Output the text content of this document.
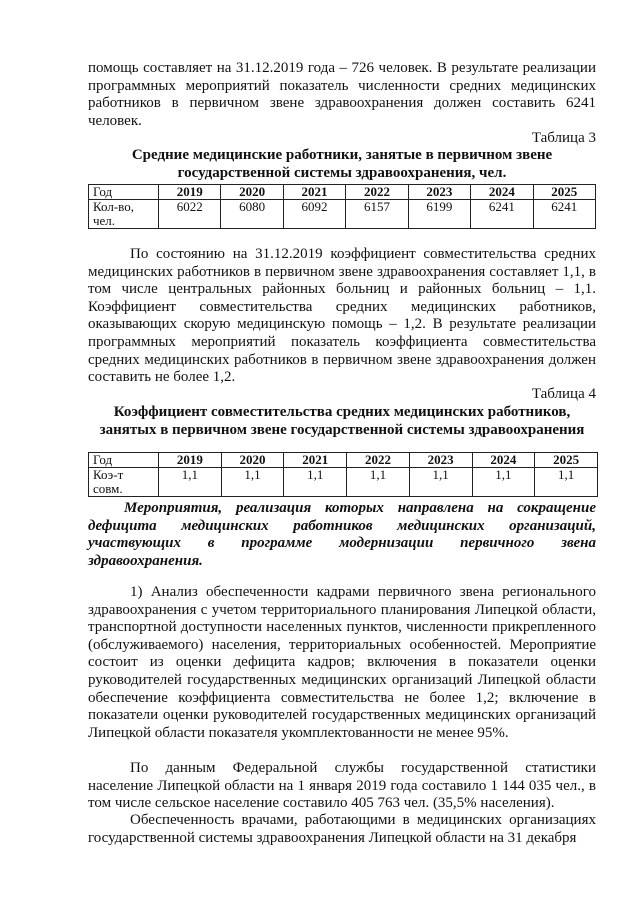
помощь составляет на 31.12.2019 года – 726 человек. В результате реализации программных мероприятий показатель численности средних медицинских работников в первичном звене здравоохранения должен составить 6241 человек.

Таблица 3

Средние медицинские работники, занятые в первичном звене
государственной системы здравоохранения, чел.

Год	2019	2020	2021	2022	2023	2024	2025
Кол-во, чел.	6022	6080	6092	6157	6199	6241	6241

По состоянию на 31.12.2019 коэффициент совместительства средних медицинских работников в первичном звене здравоохранения составляет 1,1, в том числе центральных районных больниц и районных больниц – 1,1. Коэффициент совместительства средних медицинских работников, оказывающих скорую медицинскую помощь – 1,2. В результате реализации программных мероприятий показатель коэффициента совместительства средних медицинских работников в первичном звене здравоохранения должен составить не более 1,2.

Таблица 4

Коэффициент совместительства средних медицинских работников,
занятых в первичном звене государственной системы здравоохранения

Год	2019	2020	2021	2022	2023	2024	2025
Коэ-т совм.	1,1	1,1	1,1	1,1	1,1	1,1	1,1

Мероприятия, реализация которых направлена на сокращение дефицита медицинских работников медицинских организаций, участвующих в программе модернизации первичного звена здравоохранения.

1) Анализ обеспеченности кадрами первичного звена регионального здравоохранения с учетом территориального планирования Липецкой области, транспортной доступности населенных пунктов, численности прикрепленного (обслуживаемого) населения, территориальных особенностей. Мероприятие состоит из оценки дефицита кадров; включения в показатели оценки руководителей государственных медицинских организаций Липецкой области обеспечение коэффициента совместительства не более 1,2; включение в показатели оценки руководителей государственных медицинских организаций Липецкой области показателя укомплектованности не менее 95%.

По данным Федеральной службы государственной статистики население Липецкой области на 1 января 2019 года составило 1 144 035 чел., в том числе сельское население составило 405 763 чел. (35,5% населения).

Обеспеченность врачами, работающими в медицинских организациях государственной системы здравоохранения Липецкой области на 31 декабря
